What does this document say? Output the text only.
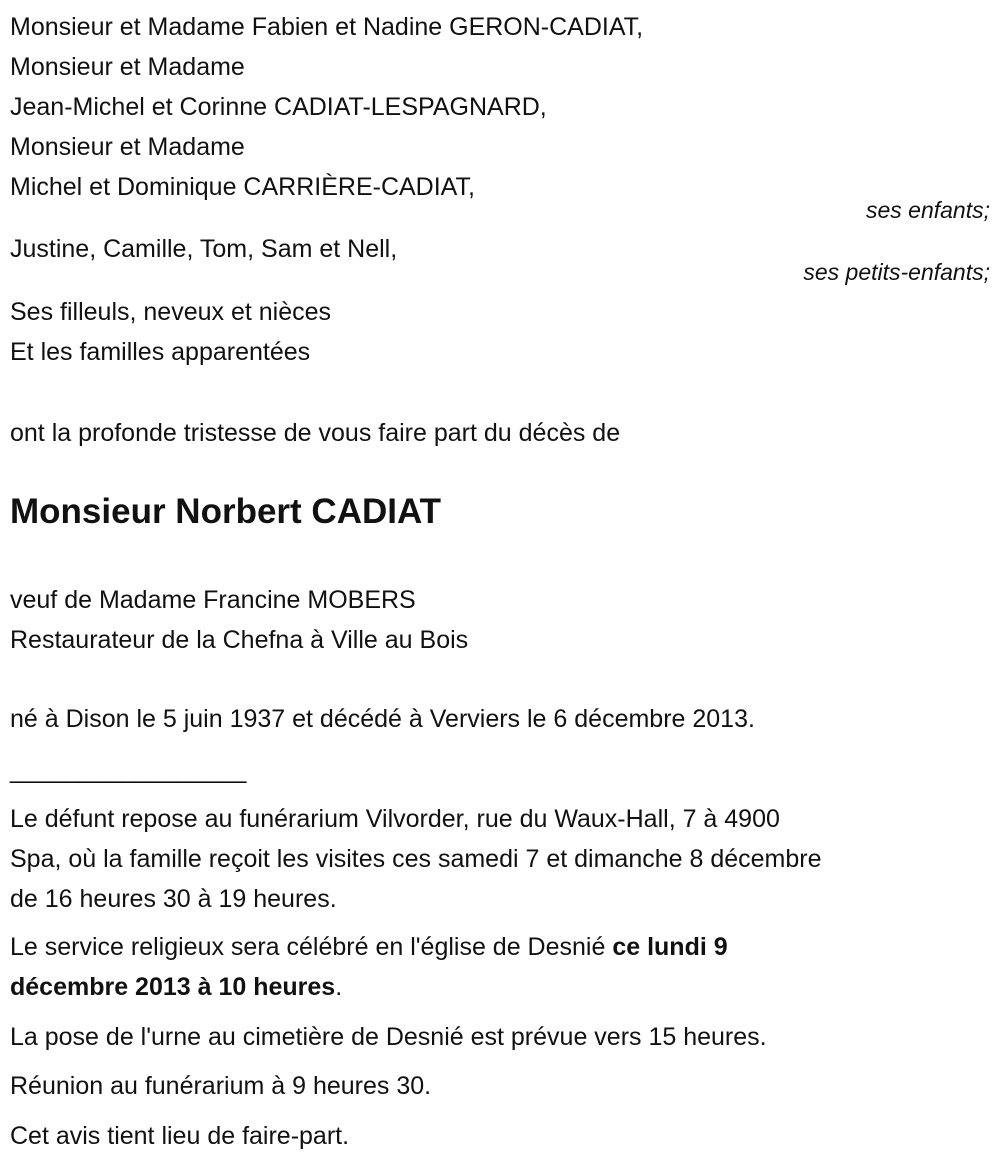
Monsieur et Madame Fabien et Nadine GERON-CADIAT,
Monsieur et Madame
Jean-Michel et Corinne CADIAT-LESPAGNARD,
Monsieur et Madame
Michel et Dominique CARRIÈRE-CADIAT,
ses enfants;
Justine, Camille, Tom, Sam et Nell,
ses petits-enfants;
Ses filleuls, neveux et nièces
Et les familles apparentées
ont la profonde tristesse de vous faire part du décès de
Monsieur Norbert CADIAT
veuf de Madame Francine MOBERS
Restaurateur de la Chefna à Ville au Bois
né à Dison le 5 juin 1937 et décédé à Verviers le 6 décembre 2013.
_________________
Le défunt repose au funérarium Vilvorder, rue du Waux-Hall, 7 à 4900
Spa, où la famille reçoit les visites ces samedi 7 et dimanche 8 décembre
de 16 heures 30 à 19 heures.
Le service religieux sera célébré en l'église de Desnié ce lundi 9
décembre 2013 à 10 heures.
La pose de l'urne au cimetière de Desnié est prévue vers 15 heures.
Réunion au funérarium à 9 heures 30.
Cet avis tient lieu de faire-part.
